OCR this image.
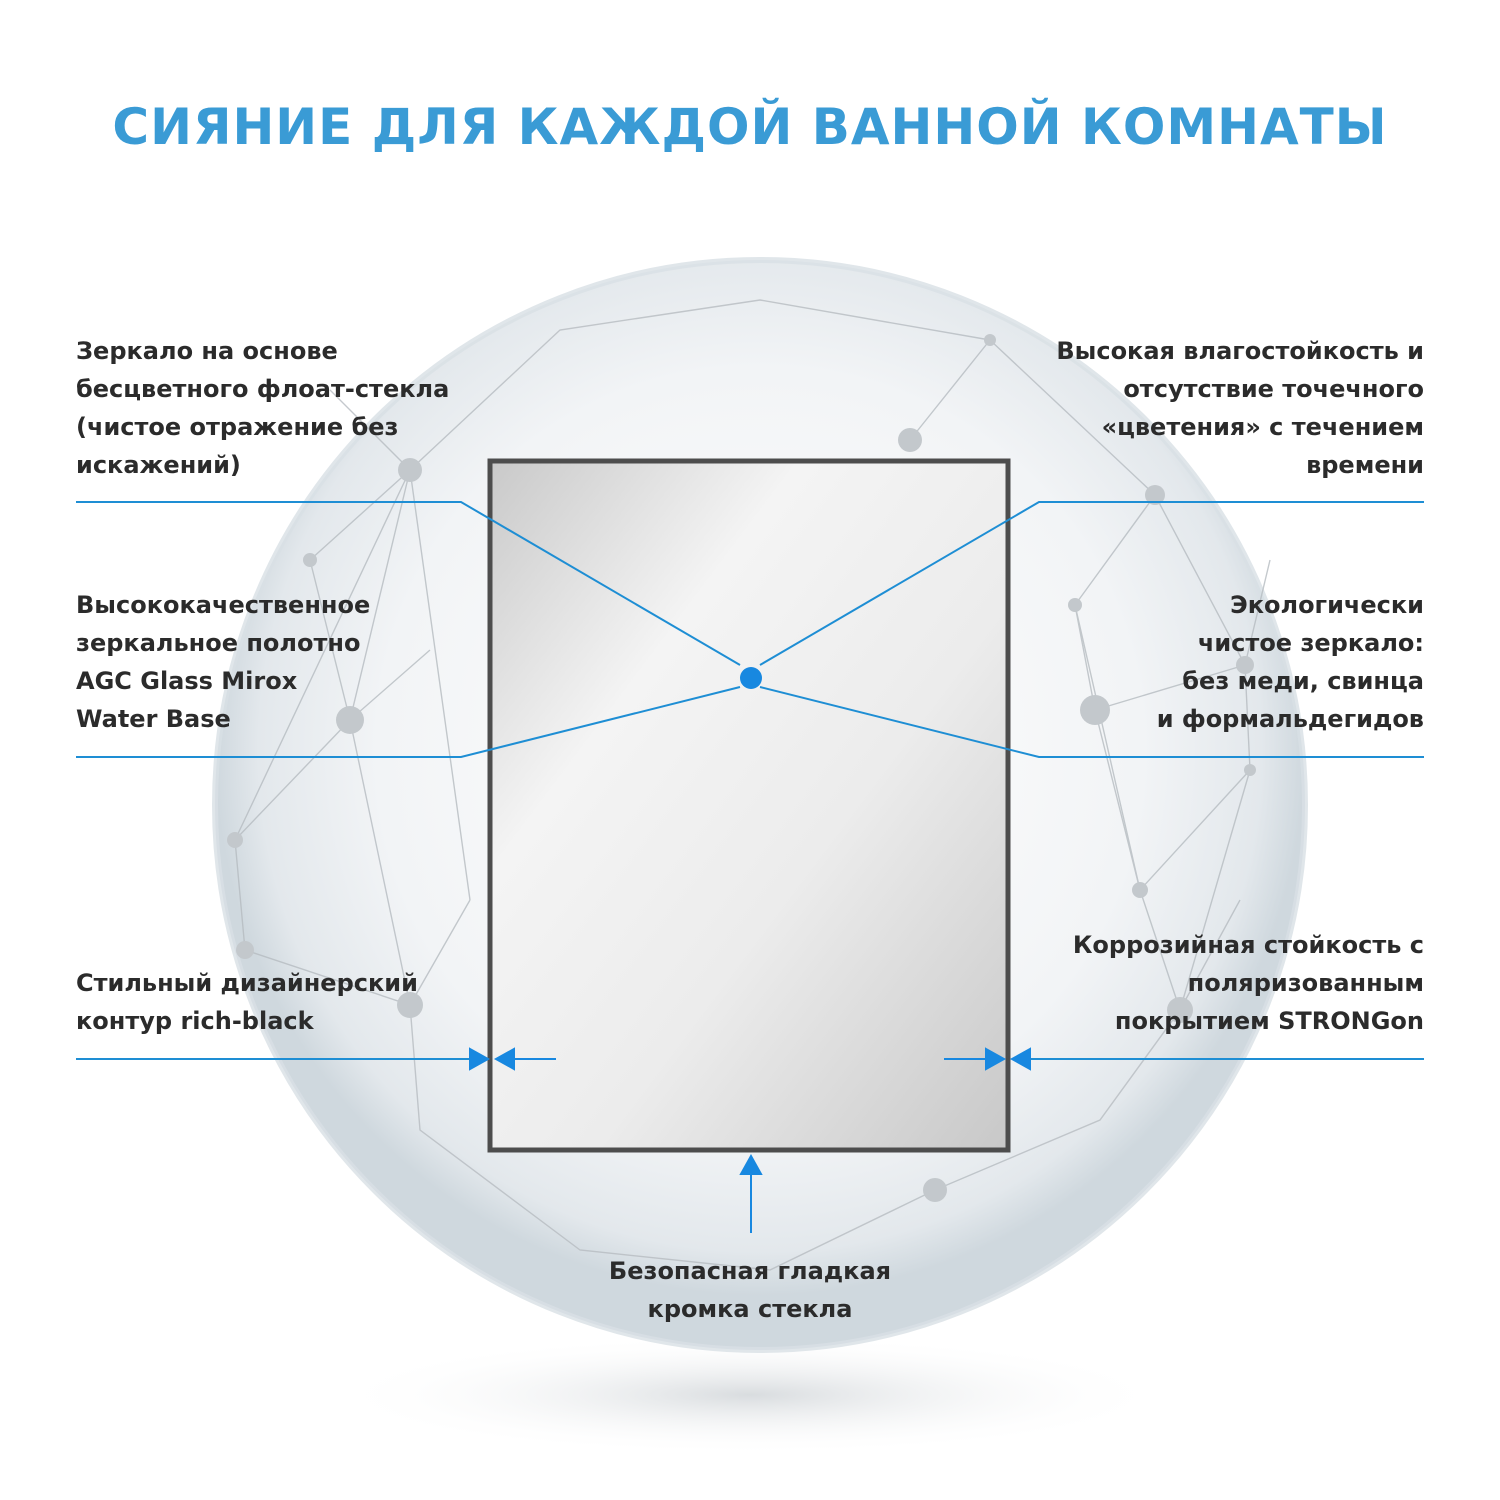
СИЯНИЕ ДЛЯ КАЖДОЙ ВАННОЙ КОМНАТЫ

Зеркало на основе
бесцветного флоат-стекла
(чистое отражение без
искажений)

Высококачественное
зеркальное полотно
AGC Glass Mirox
Water Base

Стильный дизайнерский
контур rich-black

Высокая влагостойкость и
отсутствие точечного
«цветения» с течением
времени

Экологически
чистое зеркало:
без меди, свинца
и формальдегидов

Коррозийная стойкость с
поляризованным
покрытием STRONGon

Безопасная гладкая
кромка стекла
